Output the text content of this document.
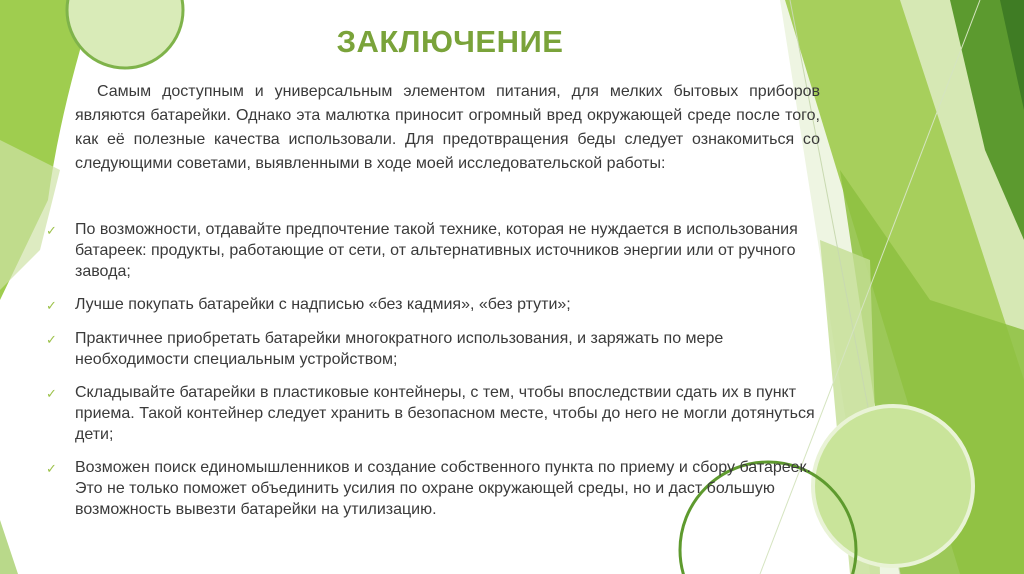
ЗАКЛЮЧЕНИЕ

Самым доступным и универсальным элементом питания, для мелких бытовых приборов являются батарейки. Однако эта малютка приносит огромный вред окружающей среде после того, как её полезные качества использовали. Для предотвращения беды следует ознакомиться со следующими советами, выявленными в ходе моей исследовательской работы:

✓ По возможности, отдавайте предпочтение такой технике, которая не нуждается в использования батареек: продукты, работающие от сети, от альтернативных источников энергии или от ручного завода;
✓ Лучше покупать батарейки с надписью «без кадмия», «без ртути»;
✓ Практичнее приобретать батарейки многократного использования, и заряжать по мере необходимости специальным устройством;
✓ Складывайте батарейки в пластиковые контейнеры, с тем, чтобы впоследствии сдать их в пункт приема. Такой контейнер следует хранить в безопасном месте, чтобы до него не могли дотянуться дети;
✓ Возможен поиск единомышленников и создание собственного пункта по приему и сбору батареек. Это не только поможет объединить усилия по охране окружающей среды, но и даст большую возможность вывезти батарейки на утилизацию.
